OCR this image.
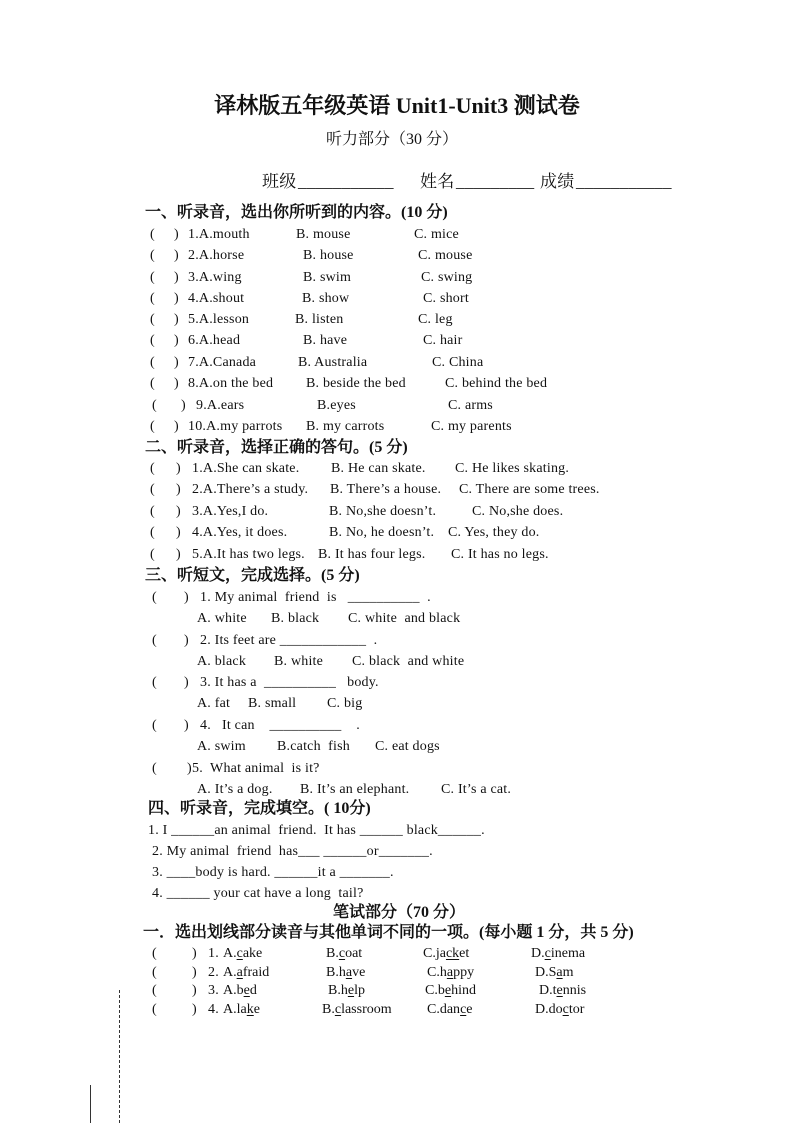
译林版五年级英语 Unit1-Unit3 测试卷
听力部分（30 分）
班级 ___________ 姓名 _________ 成绩 ___________
一、听录音，选出你所听到的内容。(10 分)
( ) 1.A.mouth	B. mouse	C. mice
( ) 2.A.horse	B. house	C. mouse
( ) 3.A.wing	B. swim	C. swing
( ) 4.A.shout	B. show	C. short
( ) 5.A.lesson	B. listen	C. leg
( ) 6.A.head	B. have	C. hair
( ) 7.A.Canada	B. Australia	C. China
( ) 8.A.on the bed B. beside the bed	C. behind the bed
( ) 9.A.ears	B.eyes	C. arms
( ) 10.A.my parrots B. my carrots	C. my parents
二、听录音，选择正确的答句。(5 分)
( ) 1.A.She can skate. B. He can skate. C. He likes skating.
( ) 2.A.There’s a study. B. There’s a house. C. There are some trees.
( ) 3.A.Yes,I do.	B. No,she doesn’t.	C. No,she does.
( ) 4.A.Yes, it does.	B. No, he doesn’t. C. Yes, they do.
( ) 5.A.It has two legs. B. It has four legs. C. It has no legs.
三、听短文，完成选择。(5 分)
( ) 1. My animal  friend  is   __________  .
A. white B. black C. white  and black
( ) 2. Its feet are ____________  .
A. black B. white C. black  and white
( ) 3. It has a  __________   body.
A. fat B. small C. big
( ) 4.   It can    __________    .
A. swim B.catch  fish C. eat dogs
( ) 5.  What animal  is it?
A. It’s a dog. B. It’s an elephant. C. It’s a cat.
四、听录音，完成填空。( 10分)
1. I ______an animal  friend.  It has ______ black______.
2. My animal  friend  has___ ______or_______.
3. ____body is hard. ______it a _______.
4. ______ your cat have a long  tail?
笔试部分（70 分）
一．选出划线部分读音与其他单词不同的一项。(每小题 1 分，共 5 分)
(	) 1. A.cake	B.coat	C.jacket	D.cinema
(	) 2. A.afraid	B.have	C.happy	D.Sam
(	) 3. A.bed	B.help	C.behind	D.tennis
(	) 4. A.lake	B.classroom	C.dance	D.doctor
